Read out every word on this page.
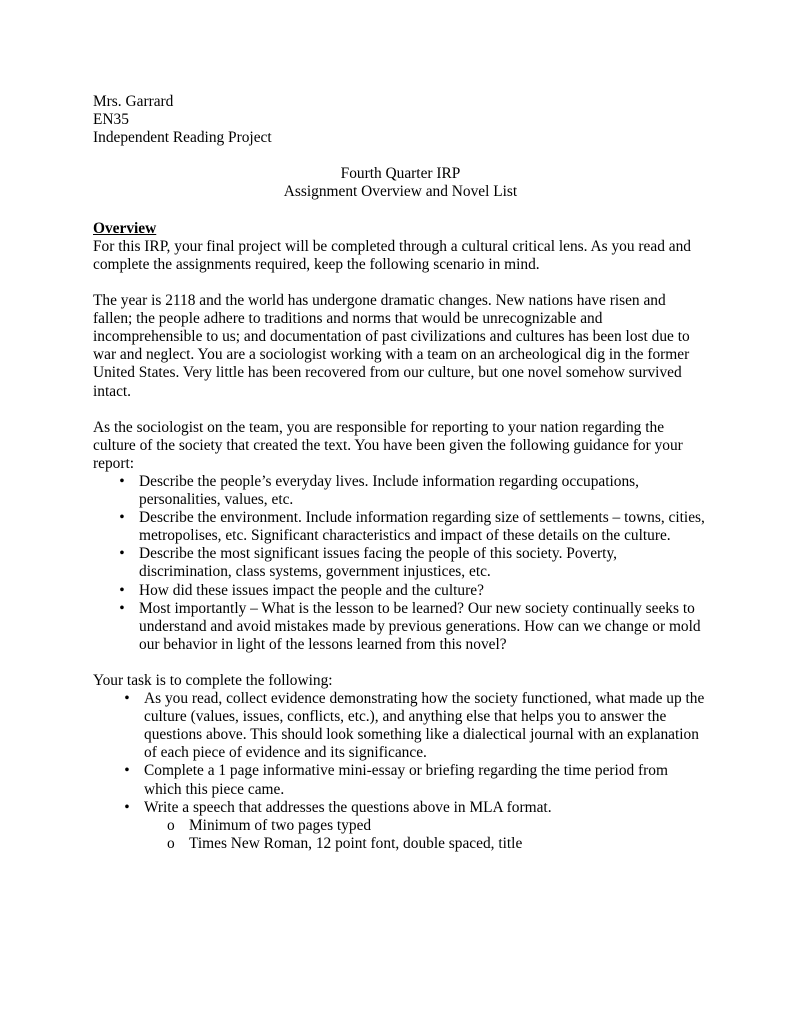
Mrs. Garrard
EN35
Independent Reading Project
Fourth Quarter IRP
Assignment Overview and Novel List
Overview

For this IRP, your final project will be completed through a cultural critical lens. As you read and complete the assignments required, keep the following scenario in mind.

The year is 2118 and the world has undergone dramatic changes. New nations have risen and fallen; the people adhere to traditions and norms that would be unrecognizable and incomprehensible to us; and documentation of past civilizations and cultures has been lost due to war and neglect. You are a sociologist working with a team on an archeological dig in the former United States. Very little has been recovered from our culture, but one novel somehow survived intact.

As the sociologist on the team, you are responsible for reporting to your nation regarding the culture of the society that created the text. You have been given the following guidance for your report:

• Describe the people’s everyday lives. Include information regarding occupations, personalities, values, etc.
• Describe the environment. Include information regarding size of settlements – towns, cities, metropolises, etc. Significant characteristics and impact of these details on the culture.
• Describe the most significant issues facing the people of this society. Poverty, discrimination, class systems, government injustices, etc.
• How did these issues impact the people and the culture?
• Most importantly – What is the lesson to be learned? Our new society continually seeks to understand and avoid mistakes made by previous generations. How can we change or mold our behavior in light of the lessons learned from this novel?

Your task is to complete the following:

• As you read, collect evidence demonstrating how the society functioned, what made up the culture (values, issues, conflicts, etc.), and anything else that helps you to answer the questions above. This should look something like a dialectical journal with an explanation of each piece of evidence and its significance.
• Complete a 1 page informative mini-essay or briefing regarding the time period from which this piece came.
• Write a speech that addresses the questions above in MLA format.
o Minimum of two pages typed
o Times New Roman, 12 point font, double spaced, title
